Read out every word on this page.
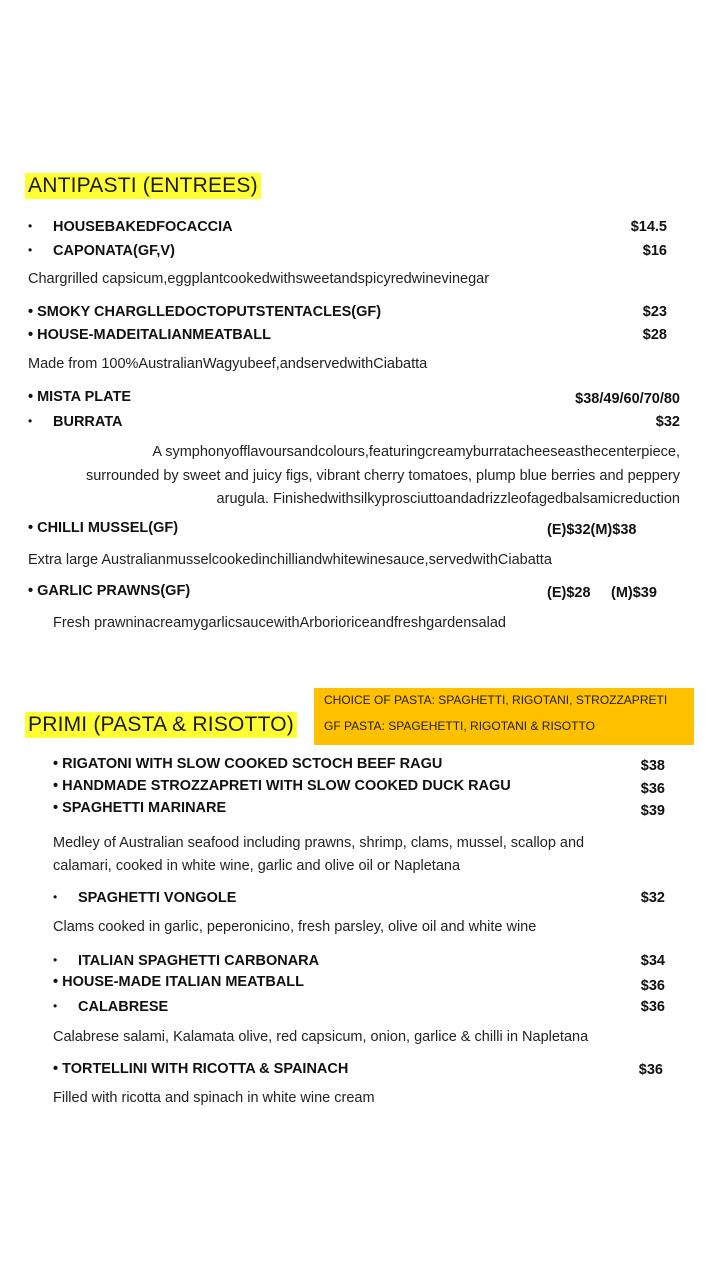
ANTIPASTI (ENTREES)
• HOUSEBAKEDFOCACCIA	$14.5
• CAPONATA(GF,V)	$16
Chargrilled capsicum,eggplantcookedwithsweetandspicyredwinevinegar
• SMOKY CHARGLLEDOCTOPUTSTENTACLES(GF)	$23
• HOUSE-MADEITALIANMEATBALL	$28
Made from 100%AustralianWagyubeef,andservedwithCiabatta
• MISTA PLATE	$38/49/60/70/80
• BURRATA	$32
A symphonyofflavoursandcolours,featuringcreamyburratacheeseasthecenterpiece,
surrounded by sweet and juicy figs, vibrant cherry tomatoes, plump blue berries and peppery
arugula. Finishedwithsilkyprosciuttoandadrizzleofagedbalsamicreduction
• CHILLI MUSSEL(GF)	(E)$32(M)$38
Extra large Australianmusselcookedinchilliandwhitewinesauce,servedwithCiabatta
• GARLIC PRAWNS(GF)	(E)$28 (M)$39
Fresh prawninacreamygarlicsaucewithArborioriceandfreshgardensalad
CHOICE OF PASTA: SPAGHETTI, RIGOTANI, STROZZAPRETI
GF PASTA: SPAGEHETTI, RIGOTANI & RISOTTO
PRIMI (PASTA & RISOTTO)
• RIGATONI WITH SLOW COOKED SCTOCH BEEF RAGU	$38
• HANDMADE STROZZAPRETI WITH SLOW COOKED DUCK RAGU	$36
• SPAGHETTI MARINARE	$39
Medley of Australian seafood including prawns, shrimp, clams, mussel, scallop and
calamari, cooked in white wine, garlic and olive oil or Napletana
• SPAGHETTI VONGOLE	$32
Clams cooked in garlic, peperonicino, fresh parsley, olive oil and white wine
• ITALIAN SPAGHETTI CARBONARA	$34
• HOUSE-MADE ITALIAN MEATBALL	$36
• CALABRESE	$36
Calabrese salami, Kalamata olive, red capsicum, onion, garlice & chilli in Napletana
• TORTELLINI WITH RICOTTA & SPAINACH	$36
Filled with ricotta and spinach in white wine cream
